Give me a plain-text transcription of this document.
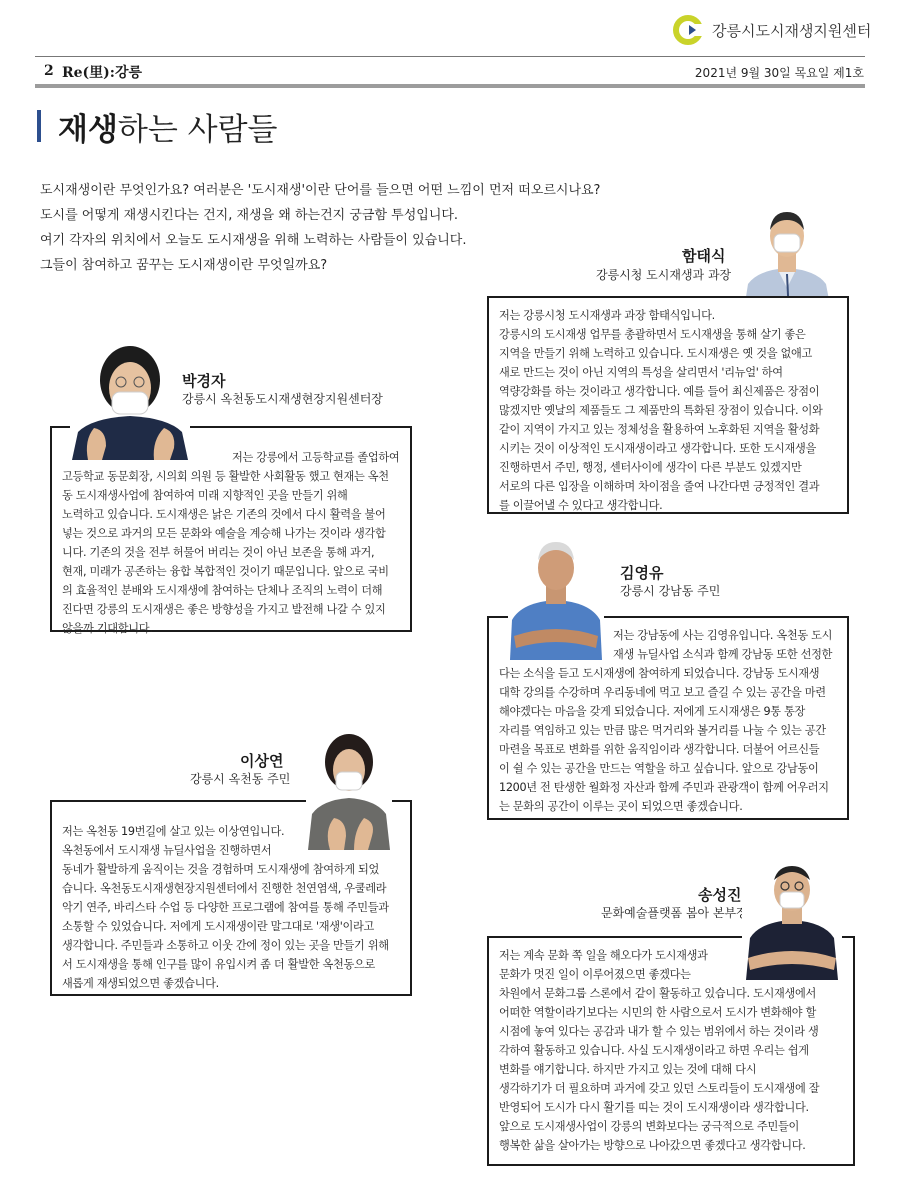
강릉시도시재생지원센터
2 Re(里):강릉	2021년 9월 30일 목요일 제1호
재생하는 사람들
도시재생이란 무엇인가요? 여러분은 '도시재생'이란 단어를 들으면 어떤 느낌이 먼저 떠오르시나요?
도시를 어떻게 재생시킨다는 건지, 재생을 왜 하는건지 궁금함 투성입니다.
여기 각자의 위치에서 오늘도 도시재생을 위해 노력하는 사람들이 있습니다.
그들이 참여하고 꿈꾸는 도시재생이란 무엇일까요?
함태식
강릉시청 도시재생과 과장

저는 강릉시청 도시재생과 과장 함태식입니다.

강릉시의 도시재생 업무를 총괄하면서 도시재생을 통해 살기 좋은

지역을 만들기 위해 노력하고 있습니다. 도시재생은 옛 것을 없애고

새로 만드는 것이 아닌 지역의 특성을 살리면서 '리뉴얼' 하여

역량강화를 하는 것이라고 생각합니다. 예를 들어 최신제품은 장점이

많겠지만 옛날의 제품들도 그 제품만의 특화된 장점이 있습니다. 이와

같이 지역이 가지고 있는 정체성을 활용하여 노후화된 지역을 활성화

시키는 것이 이상적인 도시재생이라고 생각합니다. 또한 도시재생을

진행하면서 주민, 행정, 센터사이에 생각이 다른 부분도 있겠지만

서로의 다른 입장을 이해하며 차이점을 줄여 나간다면 긍정적인 결과

를 이끌어낼 수 있다고 생각합니다.

저는 강릉에서 고등학교를 졸업하여

고등학교 동문회장, 시의회 의원 등 활발한 사회활동 했고 현재는 옥천

동 도시재생사업에 참여하여 미래 지향적인 곳을 만들기 위해

노력하고 있습니다. 도시재생은 낡은 기존의 것에서 다시 활력을 불어

넣는 것으로 과거의 모든 문화와 예술을 계승해 나가는 것이라 생각합

니다. 기존의 것을 전부 허물어 버리는 것이 아닌 보존을 통해 과거,

현재, 미래가 공존하는 융합 복합적인 것이기 때문입니다. 앞으로 국비

의 효율적인 분배와 도시재생에 참여하는 단체나 조직의 노력이 더해

진다면 강릉의 도시재생은 좋은 방향성을 가지고 발전해 나갈 수 있지

않을까 기대합니다.

박경자
강릉시 옥천동도시재생현장지원센터장
김영유
강릉시 강남동 주민

저는 강남동에 사는 김영유입니다. 옥천동 도시

재생 뉴딜사업 소식과 함께 강남동 또한 선정한

다는 소식을 듣고 도시재생에 참여하게 되었습니다. 강남동 도시재생

대학 강의를 수강하며 우리동네에 먹고 보고 즐길 수 있는 공간을 마련

해야겠다는 마음을 갖게 되었습니다. 저에게 도시재생은 9통 통장

자리를 역임하고 있는 만큼 많은 먹거리와 볼거리를 나눌 수 있는 공간

마련을 목표로 변화를 위한 움직임이라 생각합니다. 더불어 어르신들

이 쉴 수 있는 공간을 만드는 역할을 하고 싶습니다. 앞으로 강남동이

1200년 전 탄생한 월화정 자산과 함께 주민과 관광객이 함께 어우러지

는 문화의 공간이 이루는 곳이 되었으면 좋겠습니다.

이상연
강릉시 옥천동 주민

저는 옥천동 19번길에 살고 있는 이상연입니다.

옥천동에서 도시재생 뉴딜사업을 진행하면서

동네가 활발하게 움직이는 것을 경험하며 도시재생에 참여하게 되었

습니다. 옥천동도시재생현장지원센터에서 진행한 천연염색, 우쿨레라

악기 연주, 바리스타 수업 등 다양한 프로그램에 참여를 통해 주민들과

소통할 수 있었습니다. 저에게 도시재생이란 말그대로 '재생'이라고

생각합니다. 주민들과 소통하고 이웃 간에 정이 있는 곳을 만들기 위해

서 도시재생을 통해 인구를 많이 유입시켜 좀 더 활발한 옥천동으로

새롭게 재생되었으면 좋겠습니다.

송성진
문화예술플랫폼 봄아 본부장

저는 계속 문화 쪽 일을 해오다가 도시재생과

문화가 멋진 일이 이루어졌으면 좋겠다는

차원에서 문화그룹 스론에서 같이 활동하고 있습니다. 도시재생에서

어떠한 역할이라기보다는 시민의 한 사람으로서 도시가 변화해야 할

시점에 놓여 있다는 공감과 내가 할 수 있는 범위에서 하는 것이라 생

각하여 활동하고 있습니다. 사실 도시재생이라고 하면 우리는 쉽게

변화를 얘기합니다. 하지만 가지고 있는 것에 대해 다시

생각하기가 더 필요하며 과거에 갖고 있던 스토리들이 도시재생에 잘

반영되어 도시가 다시 활기를 띠는 것이 도시재생이라 생각합니다.

앞으로 도시재생사업이 강릉의 변화보다는 궁극적으로 주민들이

행복한 삶을 살아가는 방향으로 나아갔으면 좋겠다고 생각합니다.
